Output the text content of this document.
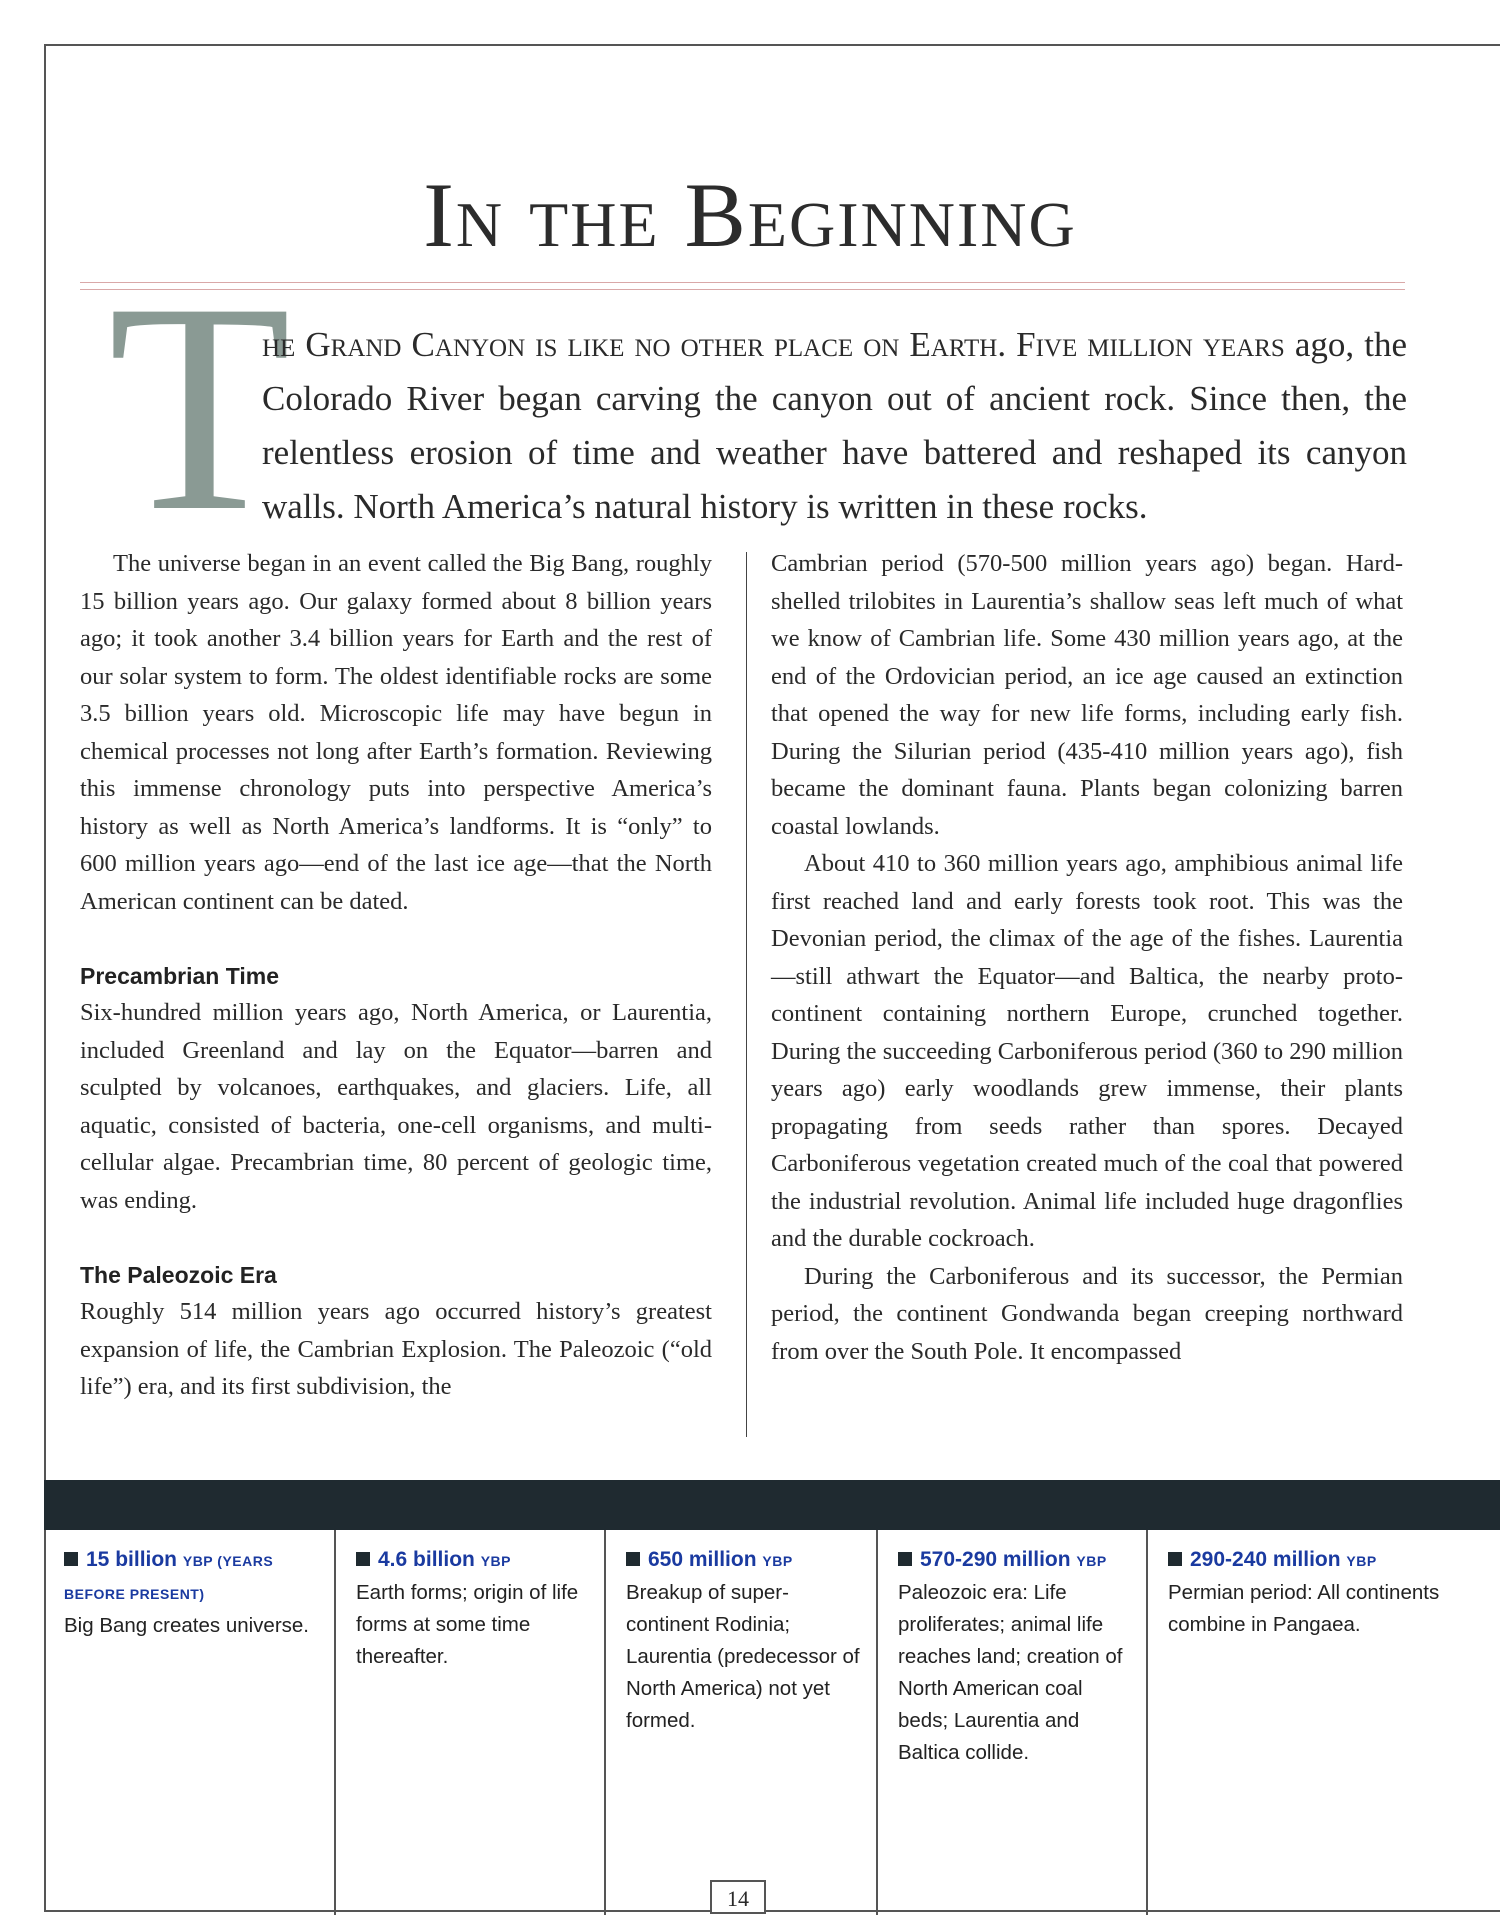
In the Beginning
T

he Grand Canyon is like no other place on Earth. Five million years ago, the Colorado River began carving the canyon out of ancient rock. Since then, the relentless erosion of time and weather have battered and reshaped its canyon walls. North America’s natural history is written in these rocks.

The universe began in an event called the Big Bang, roughly 15 billion years ago. Our galaxy formed about 8 billion years ago; it took another 3.4 billion years for Earth and the rest of our solar system to form. The oldest identifiable rocks are some 3.5 billion years old. Microscopic life may have begun in chemical processes not long after Earth’s formation. Reviewing this immense chronology puts into perspective America’s history as well as North America’s landforms. It is “only” to 600 million years ago—end of the last ice age—that the North American continent can be dated.

Precambrian Time

Six-hundred million years ago, North America, or Laurentia, included Greenland and lay on the Equator—barren and sculpted by volcanoes, earthquakes, and glaciers. Life, all aquatic, consisted of bacteria, one-cell organisms, and multi-cellular algae. Precambrian time, 80 percent of geologic time, was ending.

The Paleozoic Era

Roughly 514 million years ago occurred history’s greatest expansion of life, the Cambrian Explosion. The Paleozoic (“old life”) era, and its first subdivision, the

Cambrian period (570-500 million years ago) began. Hard-shelled trilobites in Laurentia’s shallow seas left much of what we know of Cambrian life. Some 430 million years ago, at the end of the Ordovician period, an ice age caused an extinction that opened the way for new life forms, including early fish. During the Silurian period (435-410 million years ago), fish became the dominant fauna. Plants began colonizing barren coastal lowlands.

About 410 to 360 million years ago, amphibious animal life first reached land and early forests took root. This was the Devonian period, the climax of the age of the fishes. Laurentia—still athwart the Equator—and Baltica, the nearby proto-continent containing northern Europe, crunched together. During the succeeding Carboniferous period (360 to 290 million years ago) early woodlands grew immense, their plants propagating from seeds rather than spores. Decayed Carboniferous vegetation created much of the coal that powered the industrial revolution. Animal life included huge dragonflies and the durable cockroach.

During the Carboniferous and its successor, the Permian period, the continent Gondwanda began creeping northward from over the South Pole. It encompassed

15 billion YBP (YEARS BEFORE PRESENT)
Big Bang creates universe.
4.6 billion YBP
Earth forms; origin of life forms at some time thereafter.
650 million YBP
Breakup of super-continent Rodinia; Laurentia (predecessor of North America) not yet formed.
570-290 million YBP
Paleozoic era: Life proliferates; animal life reaches land; creation of North American coal beds; Laurentia and Baltica collide.
290-240 million YBP
Permian period: All continents combine in Pangaea.
14
